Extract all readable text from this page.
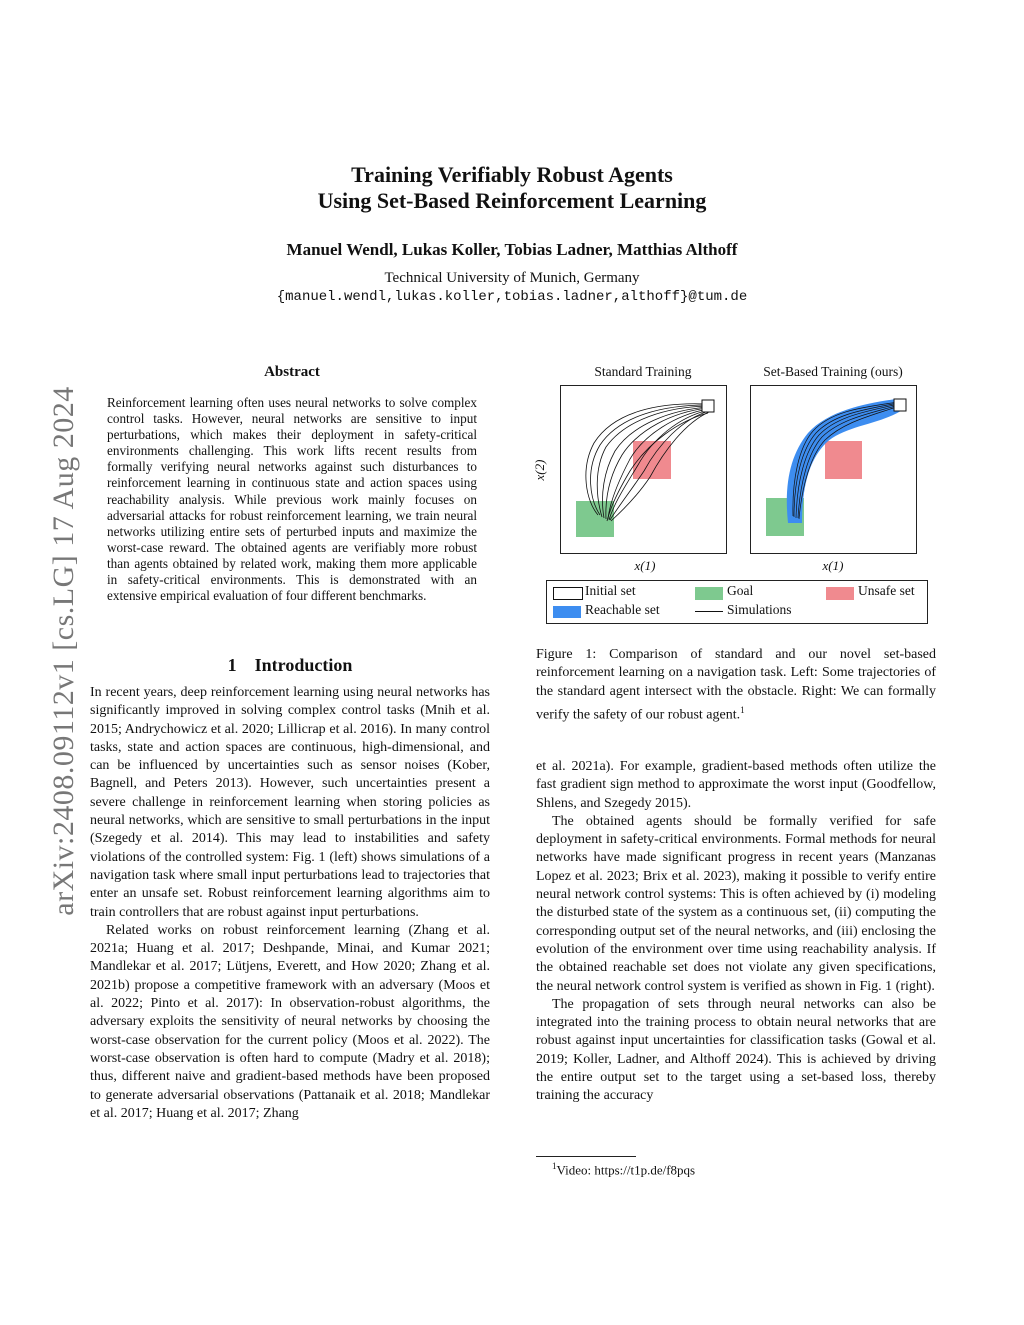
Training Verifiably Robust Agents
Using Set-Based Reinforcement Learning
Manuel Wendl, Lukas Koller, Tobias Ladner, Matthias Althoff
Technical University of Munich, Germany
{manuel.wendl,lukas.koller,tobias.ladner,althoff}@tum.de
arXiv:2408.09112v1 [cs.LG] 17 Aug 2024
Abstract
Reinforcement learning often uses neural networks to solve complex control tasks. However, neural networks are sensitive to input perturbations, which makes their deployment in safety-critical environments challenging. This work lifts recent results from formally verifying neural networks against such disturbances to reinforcement learning in continuous state and action spaces using reachability analysis. While previous work mainly focuses on adversarial attacks for robust reinforcement learning, we train neural networks utilizing entire sets of perturbed inputs and maximize the worst-case reward. The obtained agents are verifiably more robust than agents obtained by related work, making them more applicable in safety-critical environments. This is demonstrated with an extensive empirical evaluation of four different benchmarks.
1 Introduction

In recent years, deep reinforcement learning using neural networks has significantly improved in solving complex control tasks (Mnih et al. 2015; Andrychowicz et al. 2020; Lillicrap et al. 2016). In many control tasks, state and action spaces are continuous, high-dimensional, and can be influenced by uncertainties such as sensor noises (Kober, Bagnell, and Peters 2013). However, such uncertainties present a severe challenge in reinforcement learning when storing policies as neural networks, which are sensitive to small perturbations in the input (Szegedy et al. 2014). This may lead to instabilities and safety violations of the controlled system: Fig. 1 (left) shows simulations of a navigation task where small input perturbations lead to trajectories that enter an unsafe set. Robust reinforcement learning algorithms aim to train controllers that are robust against input perturbations.

Related works on robust reinforcement learning (Zhang et al. 2021a; Huang et al. 2017; Deshpande, Minai, and Kumar 2021; Mandlekar et al. 2017; Lütjens, Everett, and How 2020; Zhang et al. 2021b) propose a competitive framework with an adversary (Moos et al. 2022; Pinto et al. 2017): In observation-robust algorithms, the adversary exploits the sensitivity of neural networks by choosing the worst-case observation for the current policy (Moos et al. 2022). The worst-case observation is often hard to compute (Madry et al. 2018); thus, different naive and gradient-based methods have been proposed to generate adversarial observations (Pattanaik et al. 2018; Mandlekar et al. 2017; Huang et al. 2017; Zhang

Standard Training	Set-Based Training (ours)
x(2)
x(1)	x(1)
Initial set	Goal	Unsafe set
Reachable set	Simulations
Figure 1: Comparison of standard and our novel set-based reinforcement learning on a navigation task. Left: Some trajectories of the standard agent intersect with the obstacle. Right: We can formally verify the safety of our robust agent.$^1$

et al. 2021a). For example, gradient-based methods often utilize the fast gradient sign method to approximate the worst input (Goodfellow, Shlens, and Szegedy 2015).

The obtained agents should be formally verified for safe deployment in safety-critical environments. Formal methods for neural networks have made significant progress in recent years (Manzanas Lopez et al. 2023; Brix et al. 2023), making it possible to verify entire neural network control systems: This is often achieved by (i) modeling the disturbed state of the system as a continuous set, (ii) computing the corresponding output set of the neural networks, and (iii) enclosing the evolution of the environment over time using reachability analysis. If the obtained reachable set does not violate any given specifications, the neural network control system is verified as shown in Fig. 1 (right).

The propagation of sets through neural networks can also be integrated into the training process to obtain neural networks that are robust against input uncertainties for classification tasks (Gowal et al. 2019; Koller, Ladner, and Althoff 2024). This is achieved by driving the entire output set to the target using a set-based loss, thereby training the accuracy

$^1$Video: https://t1p.de/f8pqs
